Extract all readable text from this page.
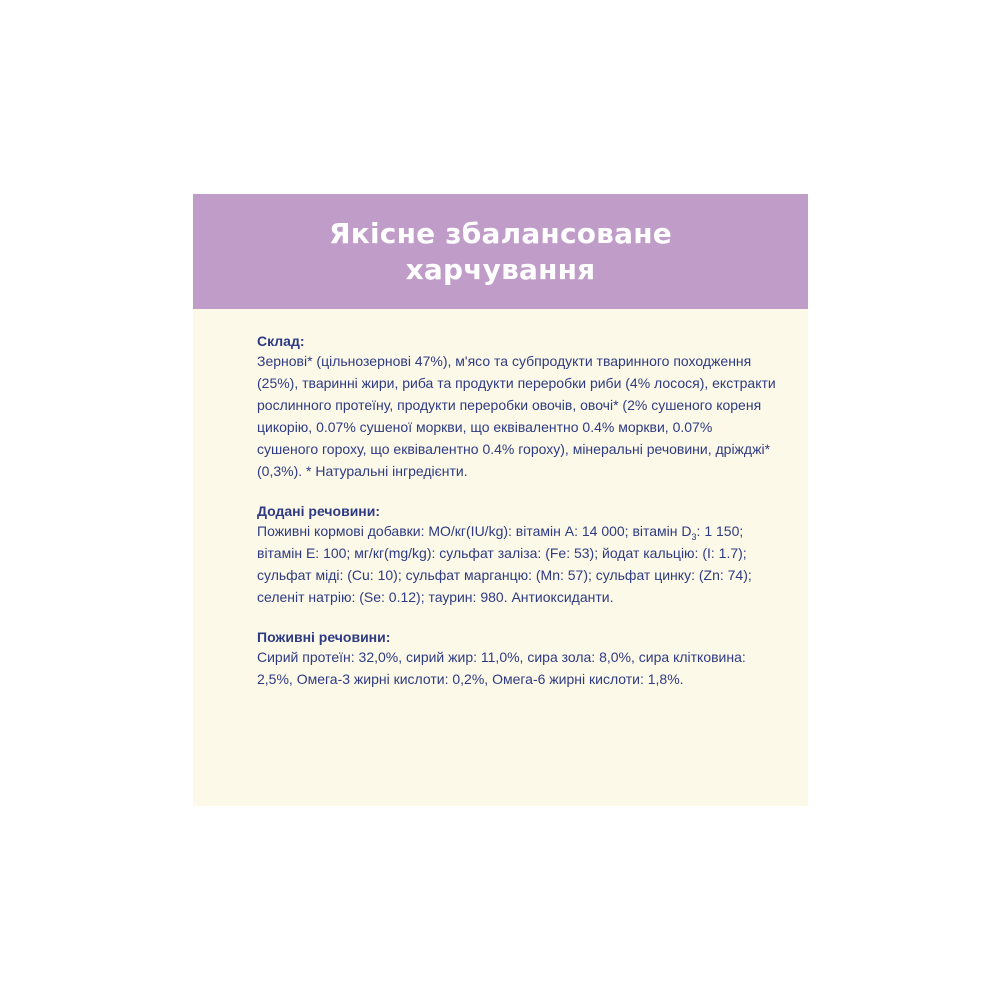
Якісне збалансоване харчування
Склад:
Зернові* (цільнозернові 47%), м'ясо та субпродукти тваринного походження (25%), тваринні жири, риба та продукти переробки риби (4% лосося), екстракти рослинного протеїну, продукти переробки овочів, овочі* (2% сушеного кореня цикорію, 0.07% сушеної моркви, що еквівалентно 0.4% моркви, 0.07% сушеного гороху, що еквівалентно 0.4% гороху), мінеральні речовини, дріжджі* (0,3%). * Натуральні інгредієнти.
Додані речовини:
Поживні кормові добавки: МО/кг(IU/kg): вітамін A: 14 000; вітамін $D_3$: 1 150; вітамін E: 100; мг/кг(mg/kg): сульфат заліза: (Fe: 53); йодат кальцію: (I: 1.7); сульфат міді: (Cu: 10); сульфат марганцю: (Mn: 57); сульфат цинку: (Zn: 74); селеніт натрію: (Se: 0.12); таурин: 980. Антиоксиданти.
Поживні речовини:
Сирий протеїн: 32,0%, сирий жир: 11,0%, сира зола: 8,0%, сира клітковина: 2,5%, Омега-3 жирні кислоти: 0,2%, Омега-6 жирні кислоти: 1,8%.
